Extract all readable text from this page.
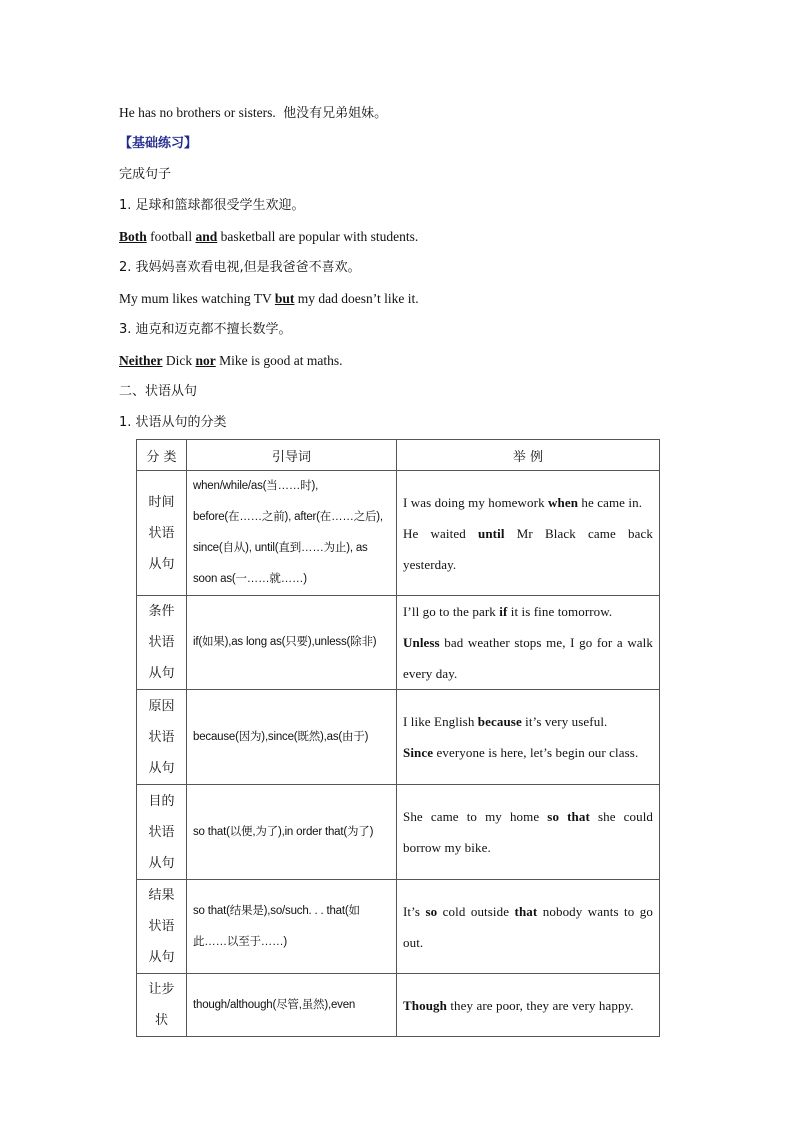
He has no brothers or sisters. 他没有兄弟姐妹。
【基础练习】
完成句子
1. 足球和篮球都很受学生欢迎。
Both football and basketball are popular with students.
2. 我妈妈喜欢看电视,但是我爸爸不喜欢。
My mum likes watching TV but my dad doesn’t like it.
3. 迪克和迈克都不擅长数学。
Neither Dick nor Mike is good at maths.
二、状语从句
1. 状语从句的分类
分 类	引导词	举 例
时间状语从句	when/while/as(当……时), before(在……之前), after(在……之后), since(自从), until(直到……为止), as soon as(一……就……)	I was doing my homework when he came in.
He waited until Mr Black came back yesterday.

条件状语从句	if(如果),as long as(只要),unless(除非)	I’ll go to the park if it is fine tomorrow.
Unless bad weather stops me, I go for a walk every day.

原因状语从句	because(因为),since(既然),as(由于)	I like English because it’s very useful.
Since everyone is here, let’s begin our class.

目的状语从句	so that(以便,为了),in order that(为了)	She came to my home so that she could borrow my bike.

结果状语从句	so that(结果是),so/such. . . that(如此……以至于……)	It’s so cold outside that nobody wants to go out.

让步状	though/although(尽管,虽然),even	Though they are poor, they are very happy.
